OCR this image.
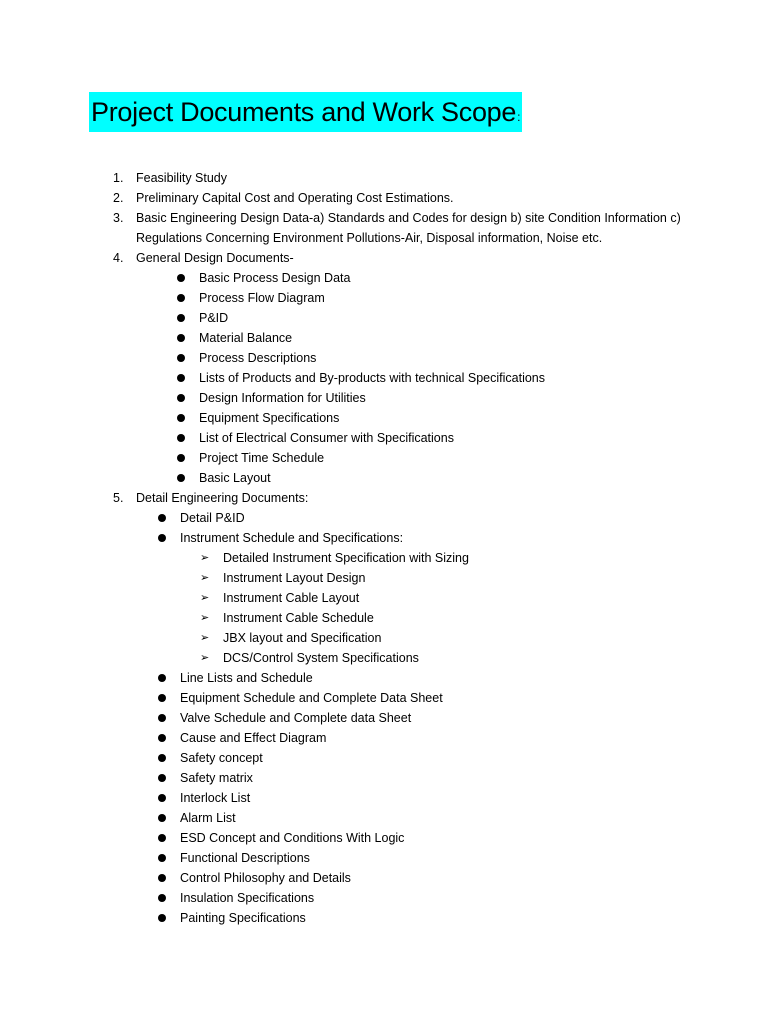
Project Documents and Work Scope :
1.	Feasibility Study
2.	Preliminary Capital Cost and Operating Cost Estimations.
3.	Basic Engineering Design Data-a) Standards and Codes for design b) site Condition Information c)
Regulations Concerning Environment Pollutions-Air, Disposal information, Noise etc.
4.	General Design Documents-
Basic Process Design Data
Process Flow Diagram
P&ID
Material Balance
Process Descriptions
Lists of Products and By-products with technical Specifications
Design Information for Utilities
Equipment Specifications
List of Electrical Consumer with Specifications
Project Time Schedule
Basic Layout
5.	Detail Engineering Documents:
Detail P&ID
Instrument Schedule and Specifications:
➢ Detailed Instrument Specification with Sizing
➢ Instrument Layout Design
➢ Instrument Cable Layout
➢ Instrument Cable Schedule
➢ JBX layout and Specification
➢ DCS/Control System Specifications
Line Lists and Schedule
Equipment Schedule and Complete Data Sheet
Valve Schedule and Complete data Sheet
Cause and Effect Diagram
Safety concept
Safety matrix
Interlock List
Alarm List
ESD Concept and Conditions With Logic
Functional Descriptions
Control Philosophy and Details
Insulation Specifications
Painting Specifications
